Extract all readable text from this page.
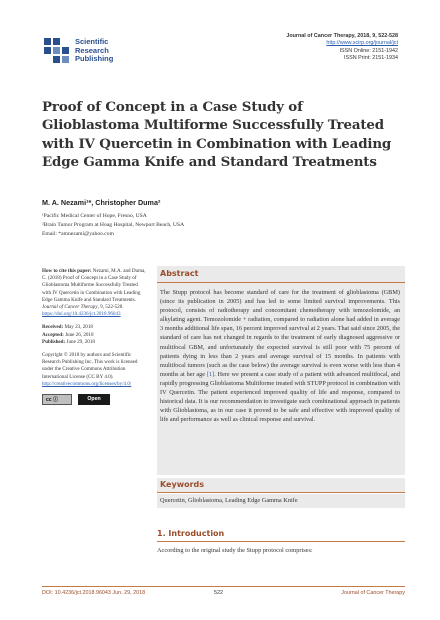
Scientific
Research
Publishing
Journal of Cancer Therapy, 2018, 9, 522-528
http://www.scirp.org/journal/jct
ISSN Online: 2151-1942
ISSN Print: 2151-1934
Proof of Concept in a Case Study of Glioblastoma Multiforme Successfully Treated with IV Quercetin in Combination with Leading Edge Gamma Knife and Standard Treatments
M. A. Nezami¹*, Christopher Duma²
¹Pacific Medical Center of Hope, Fresno, USA
²Brain Tumor Program at Hoag Hospital, Newport Beach, USA
Email: *amnezami@yahoo.com
How to cite this paper: Nezami, M.A. and Duma, C. (2018) Proof of Concept in a Case Study of Glioblastoma Multiforme Successfully Treated with IV Quercetin in Combination with Leading Edge Gamma Knife and Standard Treatments. Journal of Cancer Therapy, 9, 522-528. https://doi.org/10.4236/jct.2018.96043
Received: May 23, 2018
Accepted: June 26, 2018
Published: June 29, 2018
Copyright © 2018 by authors and Scientific Research Publishing Inc. This work is licensed under the Creative Commons Attribution International License (CC BY 4.0). http://creativecommons.org/licenses/by/4.0/
cc ⓘ	Open Access
Abstract
The Stupp protocol has become standard of care for the treatment of glioblastoma (GBM) (since its publication in 2005) and has led to some limited survival improvements. This protocol, consists of radiotherapy and concomitant chemotherapy with temozolomide, an alkylating agent. Temozolomide + radiation, compared to radiation alone had added in average 3 months additional life span, 16 percent improved survival at 2 years. That said since 2005, the standard of care has not changed in regards to the treatment of early diagnosed aggressive or multifocal GBM, and unfortunately the expected survival is still poor with 75 percent of patients dying in less than 2 years and average survival of 15 months. In patients with multifocal tumors (such as the case below) the average survival is even worse with less than 4 months at her age [1]. Here we present a case study of a patient with advanced multifocal, and rapidly progressing Glioblastoma Multiforme treated with STUPP protocol in combination with IV Quercetin. The patient experienced improved quality of life and response, compared to historical data. It is our recommendation to investigate such combinational approach in patients with Glioblastoma, as in our case it proved to be safe and effective with improved quality of life and performance as well as clinical response and survival.
Keywords
Quercetin, Glioblastoma, Leading Edge Gamma Knife
1. Introduction
According to the original study the Stupp protocol comprises:
DOI: 10.4236/jct.2018.96043 Jun. 29, 2018	522	Journal of Cancer Therapy
